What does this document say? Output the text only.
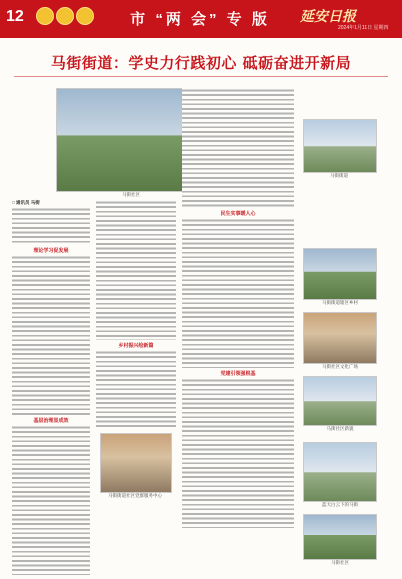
12	市 “两 会” 专 版	延安日报
2024年1月11日 星期四
马街街道：学史力行践初心 砥砺奋进开新局
马街社区
马街街道社区党群服务中心
马街街道
马街街道辖区乡村
马街社区文化广场
马街社区新貌
蓝天白云下的马街
马街社区
□ 通讯员 马街
理论学习促发展
基层治理显成效
乡村振兴绘新篇
民生实事暖人心
党建引领强根基
